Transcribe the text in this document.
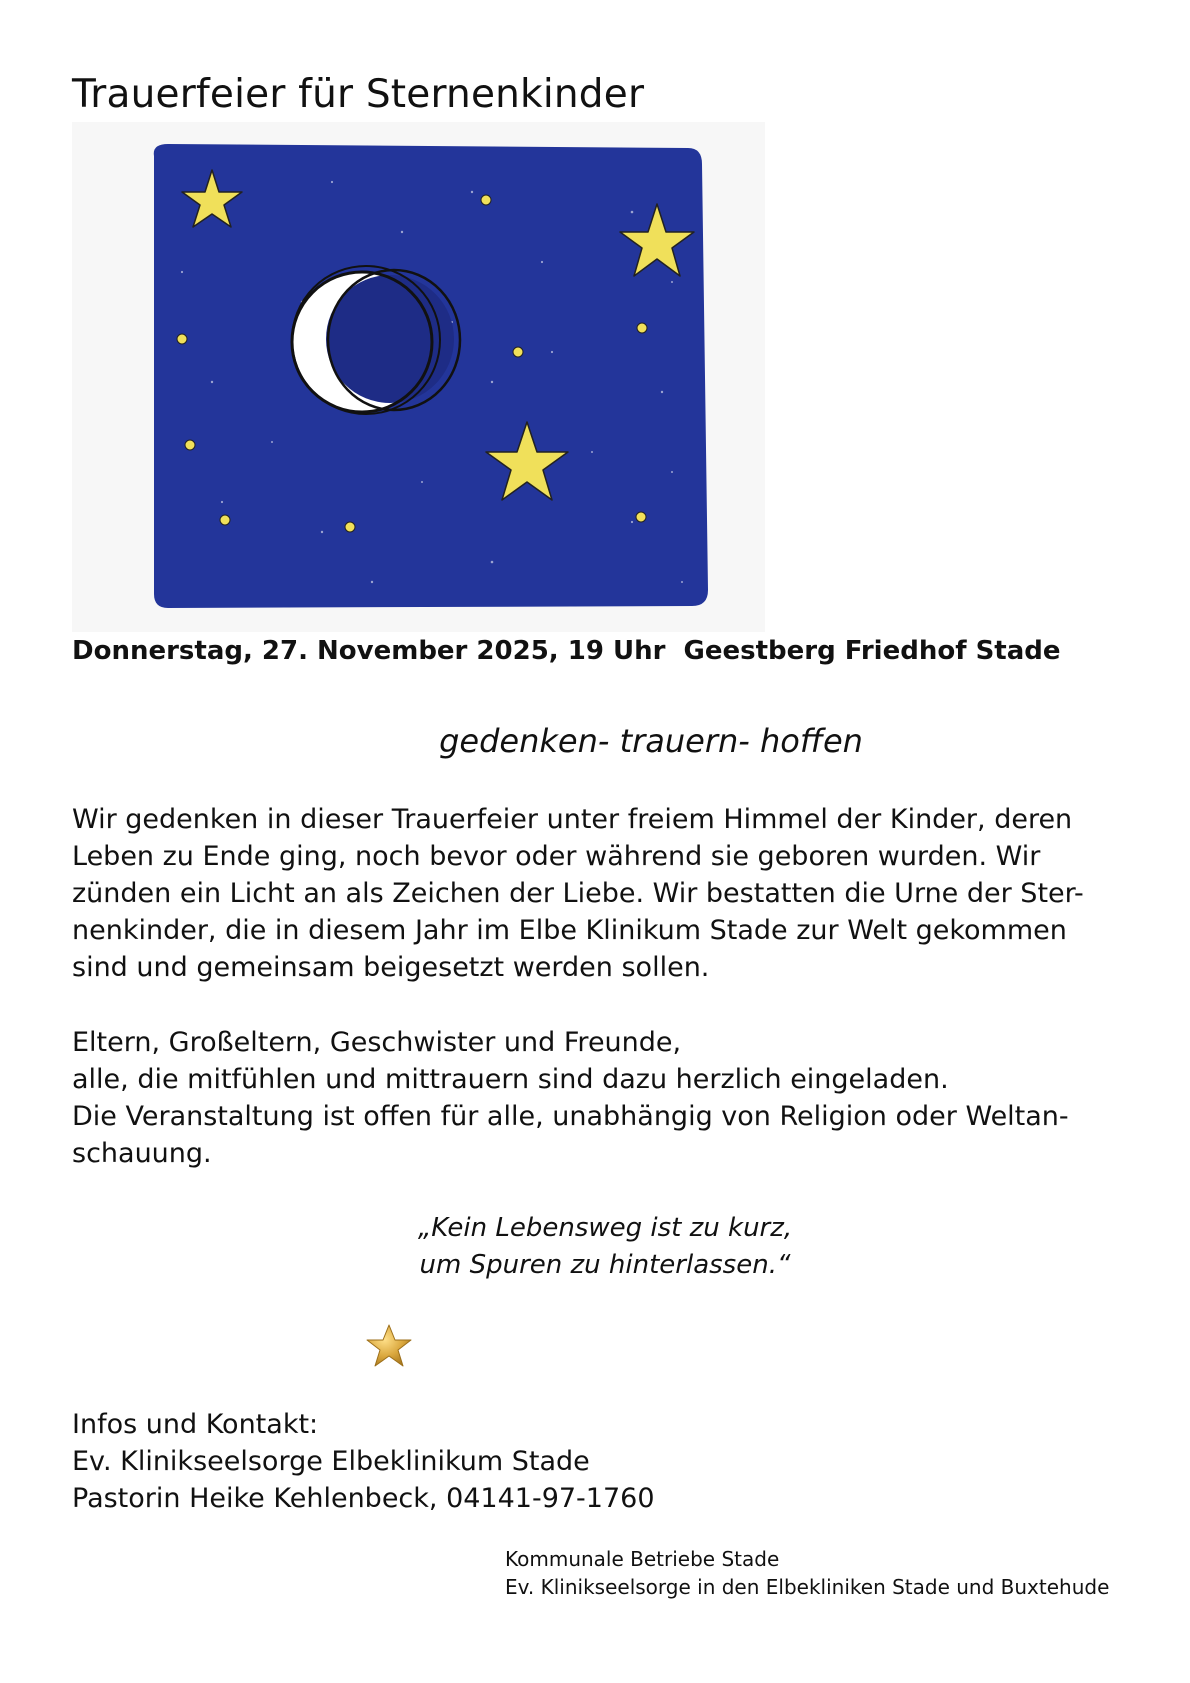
Trauerfeier für Sternenkinder
Donnerstag, 27. November 2025, 19 Uhr Geestberg Friedhof Stade
gedenken- trauern- hoffen

Wir gedenken in dieser Trauerfeier unter freiem Himmel der Kinder, deren

Leben zu Ende ging, noch bevor oder während sie geboren wurden. Wir

zünden ein Licht an als Zeichen der Liebe. Wir bestatten die Urne der Ster-

nenkinder, die in diesem Jahr im Elbe Klinikum Stade zur Welt gekommen

sind und gemeinsam beigesetzt werden sollen.

Eltern, Großeltern, Geschwister und Freunde,

alle, die mitfühlen und mittrauern sind dazu herzlich eingeladen.

Die Veranstaltung ist offen für alle, unabhängig von Religion oder Weltan-

schauung.

„Kein Lebensweg ist zu kurz,

um Spuren zu hinterlassen.“

Infos und Kontakt:

Ev. Klinikseelsorge Elbeklinikum Stade

Pastorin Heike Kehlenbeck, 04141-97-1760

Kommunale Betriebe Stade

Ev. Klinikseelsorge in den Elbekliniken Stade und Buxtehude
